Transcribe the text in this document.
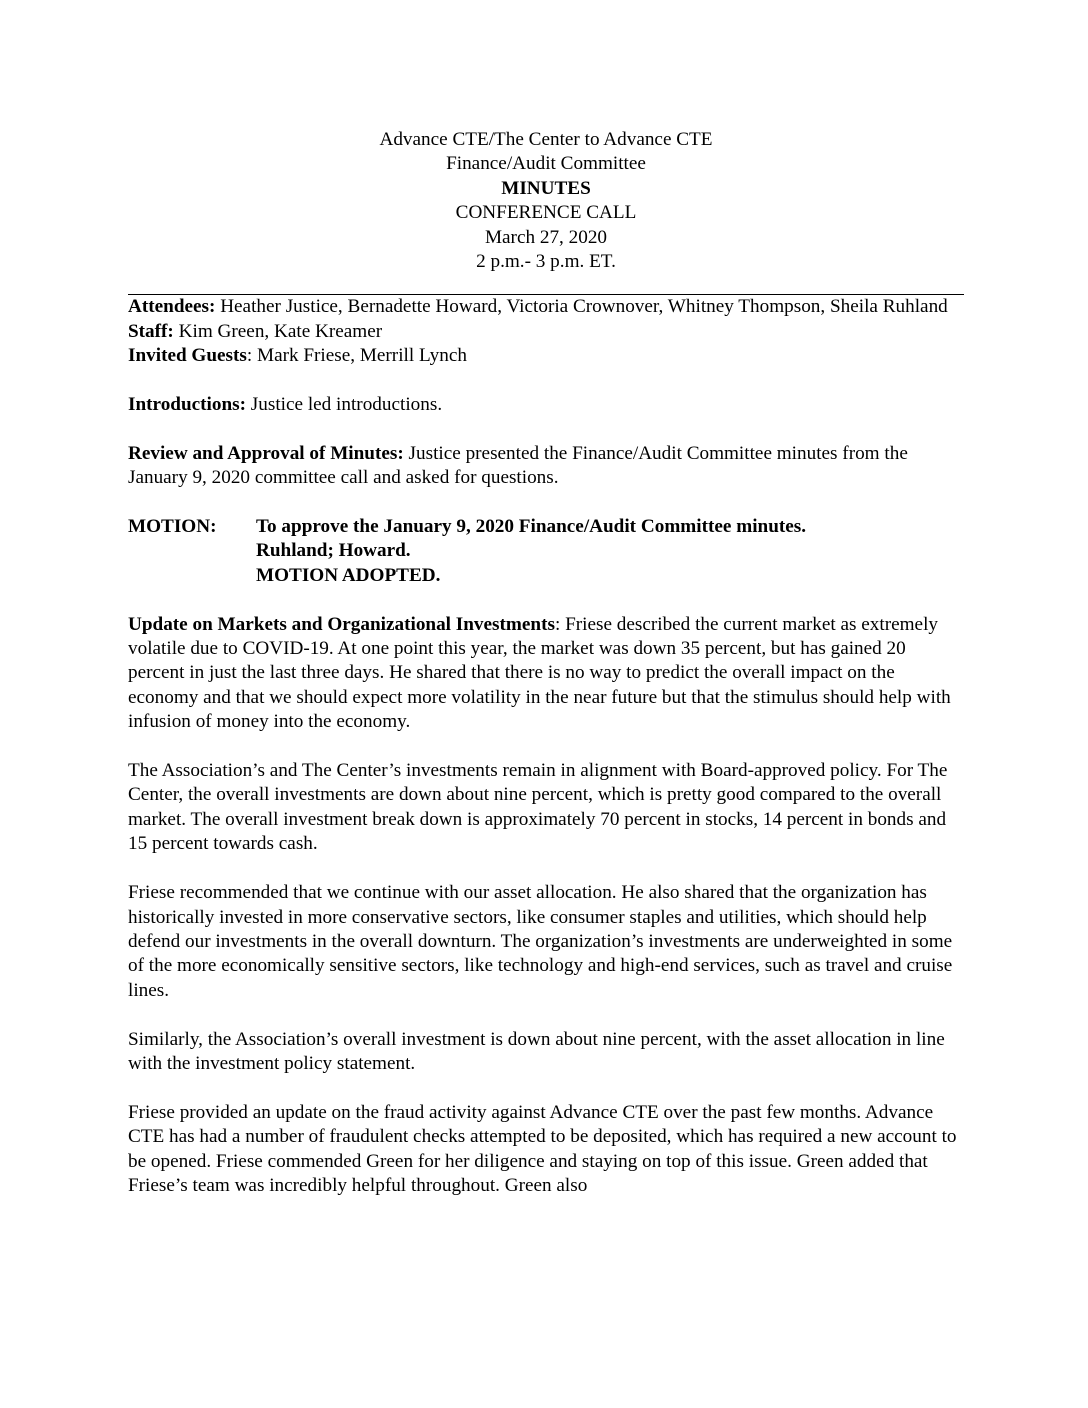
Advance CTE/The Center to Advance CTE
Finance/Audit Committee
MINUTES
CONFERENCE CALL
March 27, 2020
2 p.m.- 3 p.m. ET.

Attendees: Heather Justice, Bernadette Howard, Victoria Crownover, Whitney Thompson, Sheila Ruhland

Staff: Kim Green, Kate Kreamer

Invited Guests: Mark Friese, Merrill Lynch

Introductions: Justice led introductions.

Review and Approval of Minutes: Justice presented the Finance/Audit Committee minutes from the January 9, 2020 committee call and asked for questions.

MOTION:	To approve the January 9, 2020 Finance/Audit Committee minutes.
Ruhland; Howard.
MOTION ADOPTED.

Update on Markets and Organizational Investments: Friese described the current market as extremely volatile due to COVID-19. At one point this year, the market was down 35 percent, but has gained 20 percent in just the last three days. He shared that there is no way to predict the overall impact on the economy and that we should expect more volatility in the near future but that the stimulus should help with infusion of money into the economy.

The Association’s and The Center’s investments remain in alignment with Board-approved policy. For The Center, the overall investments are down about nine percent, which is pretty good compared to the overall market. The overall investment break down is approximately 70 percent in stocks, 14 percent in bonds and 15 percent towards cash.

Friese recommended that we continue with our asset allocation. He also shared that the organization has historically invested in more conservative sectors, like consumer staples and utilities, which should help defend our investments in the overall downturn. The organization’s investments are underweighted in some of the more economically sensitive sectors, like technology and high-end services, such as travel and cruise lines.

Similarly, the Association’s overall investment is down about nine percent, with the asset allocation in line with the investment policy statement.

Friese provided an update on the fraud activity against Advance CTE over the past few months. Advance CTE has had a number of fraudulent checks attempted to be deposited, which has required a new account to be opened. Friese commended Green for her diligence and staying on top of this issue. Green added that Friese’s team was incredibly helpful throughout. Green also
